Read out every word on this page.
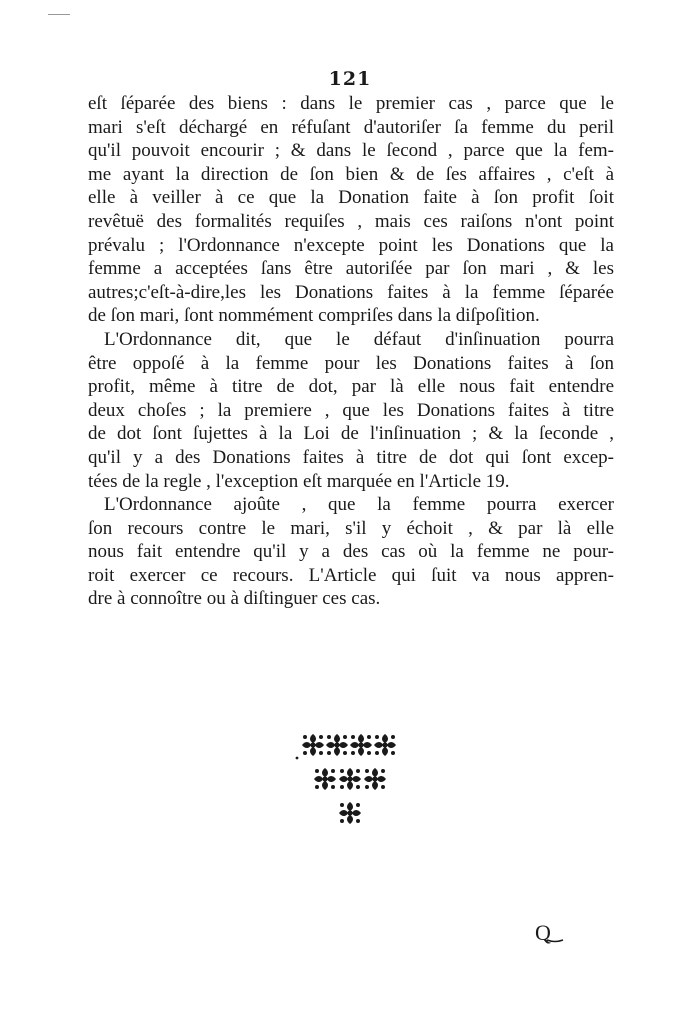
121
eſt ſéparée des biens : dans le premier cas , parce que le
mari s'eſt déchargé en réfuſant d'autoriſer ſa femme du peril
qu'il pouvoit encourir ; & dans le ſecond , parce que la fem-
me ayant la direction de ſon bien & de ſes affaires , c'eſt à
elle à veiller à ce que la Donation faite à ſon profit ſoit
revêtuë des formalités requiſes , mais ces raiſons n'ont point
prévalu ; l'Ordonnance n'excepte point les Donations que la
femme a acceptées ſans être autoriſée par ſon mari , & les
autres;c'eſt-à-dire,les les Donations faites à la femme ſéparée
de ſon mari, ſont nommément compriſes dans la diſpoſition.
L'Ordonnance dit, que le défaut d'inſinuation pourra
être oppoſé à la femme pour les Donations faites à ſon
profit, même à titre de dot, par là elle nous fait entendre
deux choſes ; la premiere , que les Donations faites à titre
de dot ſont ſujettes à la Loi de l'inſinuation ; & la ſeconde ,
qu'il y a des Donations faites à titre de dot qui ſont excep-
tées de la regle , l'exception eſt marquée en l'Article 19.
L'Ordonnance ajoûte , que la femme pourra exercer
ſon recours contre le mari, s'il y échoit , & par là elle
nous fait entendre qu'il y a des cas où la femme ne pour-
roit exercer ce recours. L'Article qui ſuit va nous appren-
dre à connoître ou à diſtinguer ces cas.
Q
